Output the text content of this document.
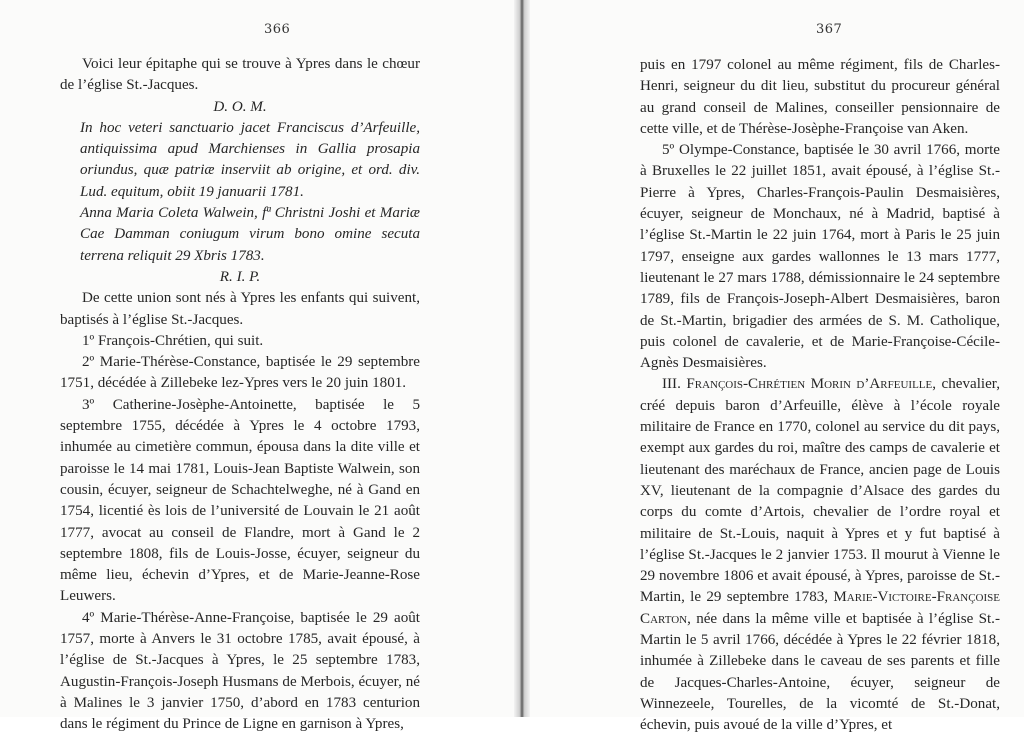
366

Voici leur épitaphe qui se trouve à Ypres dans le chœur de l’église St.-Jacques.

D. O. M.

In hoc veteri sanctuario jacet Franciscus d’Arfeuille, antiquissima apud Marchienses in Gallia prosapia oriundus, quæ patriæ inserviit ab origine, et ord. div. Lud. equitum, obiit 19 januarii 1781.

Anna Maria Coleta Walwein, fª Christni Joshi et Mariæ Cae Damman coniugum virum bono omine secuta terrena reliquit 29 Xbris 1783.

R. I. P.

De cette union sont nés à Ypres les enfants qui suivent, baptisés à l’église St.-Jacques.

1º François-Chrétien, qui suit.

2º Marie-Thérèse-Constance, baptisée le 29 septembre 1751, décédée à Zillebeke lez-Ypres vers le 20 juin 1801.

3º Catherine-Josèphe-Antoinette, baptisée le 5 septembre 1755, décédée à Ypres le 4 octobre 1793, inhumée au cimetière commun, épousa dans la dite ville et paroisse le 14 mai 1781, Louis-Jean Baptiste Walwein, son cousin, écuyer, seigneur de Schachtelweghe, né à Gand en 1754, licentié ès lois de l’université de Louvain le 21 août 1777, avocat au conseil de Flandre, mort à Gand le 2 septembre 1808, fils de Louis-Josse, écuyer, seigneur du même lieu, échevin d’Ypres, et de Marie-Jeanne-Rose Leuwers.

4º Marie-Thérèse-Anne-Françoise, baptisée le 29 août 1757, morte à Anvers le 31 octobre 1785, avait épousé, à l’église de St.-Jacques à Ypres, le 25 septembre 1783, Augustin-François-Joseph Husmans de Merbois, écuyer, né à Malines le 3 janvier 1750, d’abord en 1783 centurion dans le régiment du Prince de Ligne en garnison à Ypres,

367

puis en 1797 colonel au même régiment, fils de Charles-Henri, seigneur du dit lieu, substitut du procureur général au grand conseil de Malines, conseiller pensionnaire de cette ville, et de Thérèse-Josèphe-Françoise van Aken.

5º Olympe-Constance, baptisée le 30 avril 1766, morte à Bruxelles le 22 juillet 1851, avait épousé, à l’église St.-Pierre à Ypres, Charles-François-Paulin Desmaisières, écuyer, seigneur de Monchaux, né à Madrid, baptisé à l’église St.-Martin le 22 juin 1764, mort à Paris le 25 juin 1797, enseigne aux gardes wallonnes le 13 mars 1777, lieutenant le 27 mars 1788, démissionnaire le 24 septembre 1789, fils de François-Joseph-Albert Desmaisières, baron de St.-Martin, brigadier des armées de S. M. Catholique, puis colonel de cavalerie, et de Marie-Françoise-Cécile-Agnès Desmaisières.

III. François-Chrétien Morin d’Arfeuille, chevalier, créé depuis baron d’Arfeuille, élève à l’école royale militaire de France en 1770, colonel au service du dit pays, exempt aux gardes du roi, maître des camps de cavalerie et lieutenant des maréchaux de France, ancien page de Louis XV, lieutenant de la compagnie d’Alsace des gardes du corps du comte d’Artois, chevalier de l’ordre royal et militaire de St.-Louis, naquit à Ypres et y fut baptisé à l’église St.-Jacques le 2 janvier 1753. Il mourut à Vienne le 29 novembre 1806 et avait épousé, à Ypres, paroisse de St.-Martin, le 29 septembre 1783, Marie-Victoire-Françoise Carton, née dans la même ville et baptisée à l’église St.-Martin le 5 avril 1766, décédée à Ypres le 22 février 1818, inhumée à Zillebeke dans le caveau de ses parents et fille de Jacques-Charles-Antoine, écuyer, seigneur de Winnezeele, Tourelles, de la vicomté de St.-Donat, échevin, puis avoué de la ville d’Ypres, et
